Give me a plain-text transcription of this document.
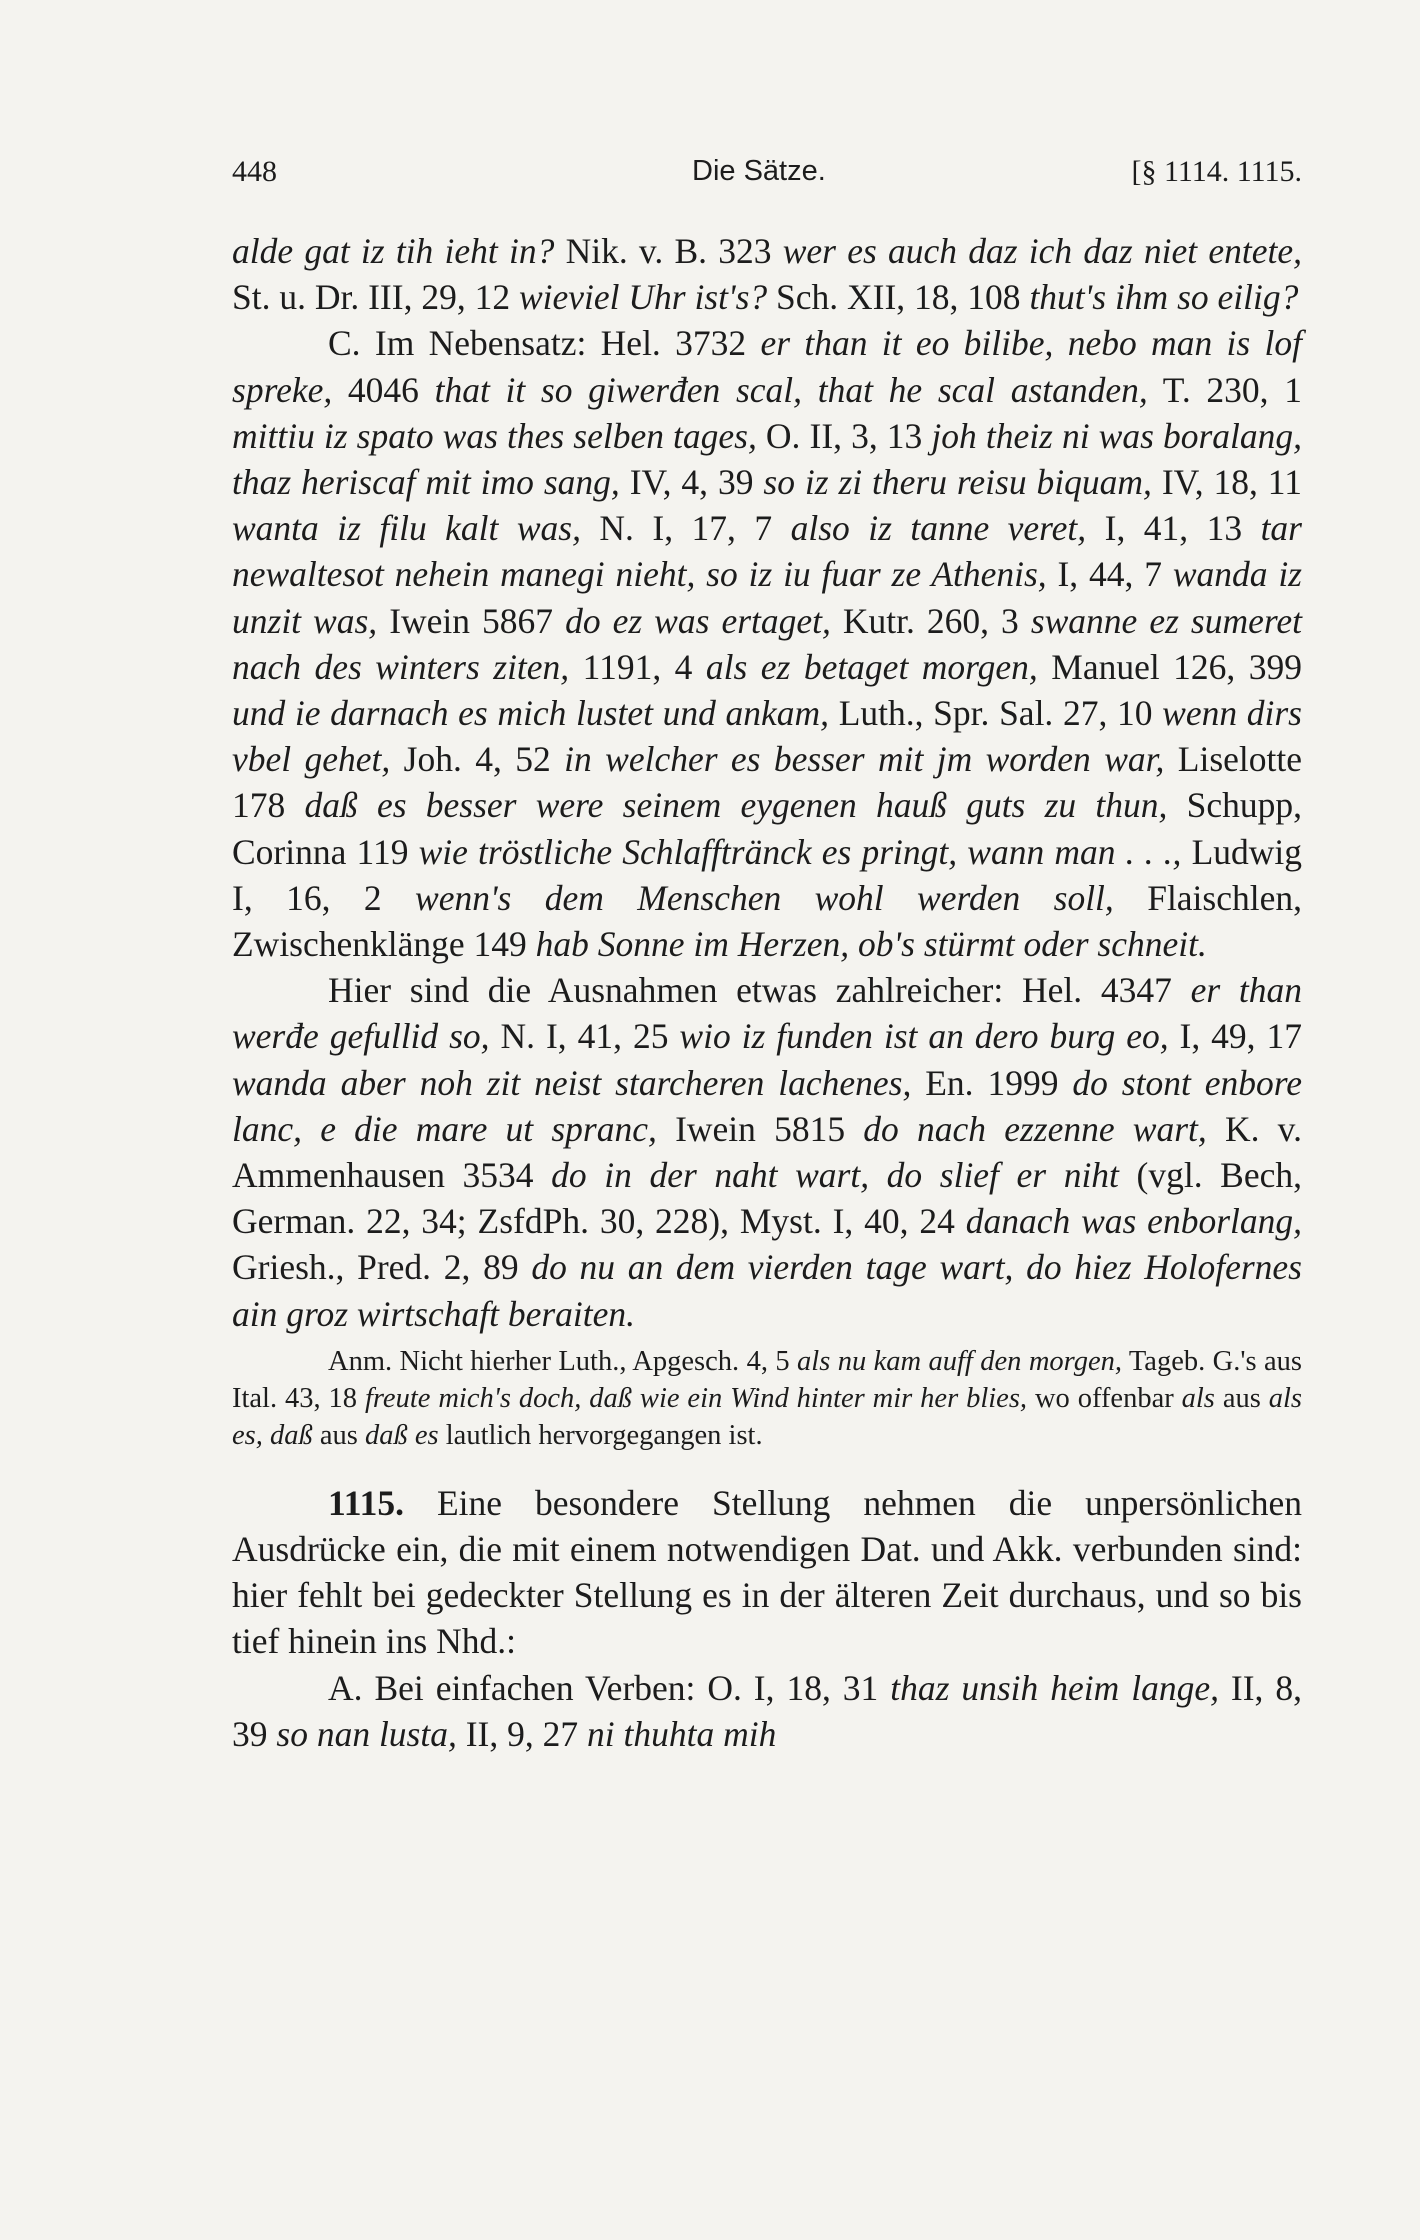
448	Die Sätze.	[§ 1114. 1115.

alde gat iz tih ieht in? Nik. v. B. 323 wer es auch daz ich daz niet entete, St. u. Dr. III, 29, 12 wieviel Uhr ist's? Sch. XII, 18, 108 thut's ihm so eilig?

C. Im Nebensatz: Hel. 3732 er than it eo bilibe, nebo man is lof spreke, 4046 that it so giwerđen scal, that he scal astanden, T. 230, 1 mittiu iz spato was thes selben tages, O. II, 3, 13 joh theiz ni was boralang, thaz heriscaf mit imo sang, IV, 4, 39 so iz zi theru reisu biquam, IV, 18, 11 wanta iz filu kalt was, N. I, 17, 7 also iz tanne veret, I, 41, 13 tar newaltesot nehein manegi nieht, so iz iu fuar ze Athenis, I, 44, 7 wanda iz unzit was, Iwein 5867 do ez was ertaget, Kutr. 260, 3 swanne ez sumeret nach des winters ziten, 1191, 4 als ez betaget morgen, Manuel 126, 399 und ie darnach es mich lustet und ankam, Luth., Spr. Sal. 27, 10 wenn dirs vbel gehet, Joh. 4, 52 in welcher es besser mit jm worden war, Liselotte 178 daß es besser were seinem eygenen hauß guts zu thun, Schupp, Corinna 119 wie tröstliche Schlafftränck es pringt, wann man . . ., Ludwig I, 16, 2 wenn's dem Menschen wohl werden soll, Flaischlen, Zwischenklänge 149 hab Sonne im Herzen, ob's stürmt oder schneit.

Hier sind die Ausnahmen etwas zahlreicher: Hel. 4347 er than werđe gefullid so, N. I, 41, 25 wio iz funden ist an dero burg eo, I, 49, 17 wanda aber noh zit neist starcheren lachenes, En. 1999 do stont enbore lanc, e die mare ut spranc, Iwein 5815 do nach ezzenne wart, K. v. Ammenhausen 3534 do in der naht wart, do slief er niht (vgl. Bech, German. 22, 34; ZsfdPh. 30, 228), Myst. I, 40, 24 danach was enborlang, Griesh., Pred. 2, 89 do nu an dem vierden tage wart, do hiez Holofernes ain groz wirtschaft beraiten.

Anm. Nicht hierher Luth., Apgesch. 4, 5 als nu kam auff den morgen, Tageb. G.'s aus Ital. 43, 18 freute mich's doch, daß wie ein Wind hinter mir her blies, wo offenbar als aus als es, daß aus daß es lautlich hervorgegangen ist.

1115. Eine besondere Stellung nehmen die unpersönlichen Ausdrücke ein, die mit einem notwendigen Dat. und Akk. verbunden sind: hier fehlt bei gedeckter Stellung es in der älteren Zeit durchaus, und so bis tief hinein ins Nhd.:

A. Bei einfachen Verben: O. I, 18, 31 thaz unsih heim lange, II, 8, 39 so nan lusta, II, 9, 27 ni thuhta mih
